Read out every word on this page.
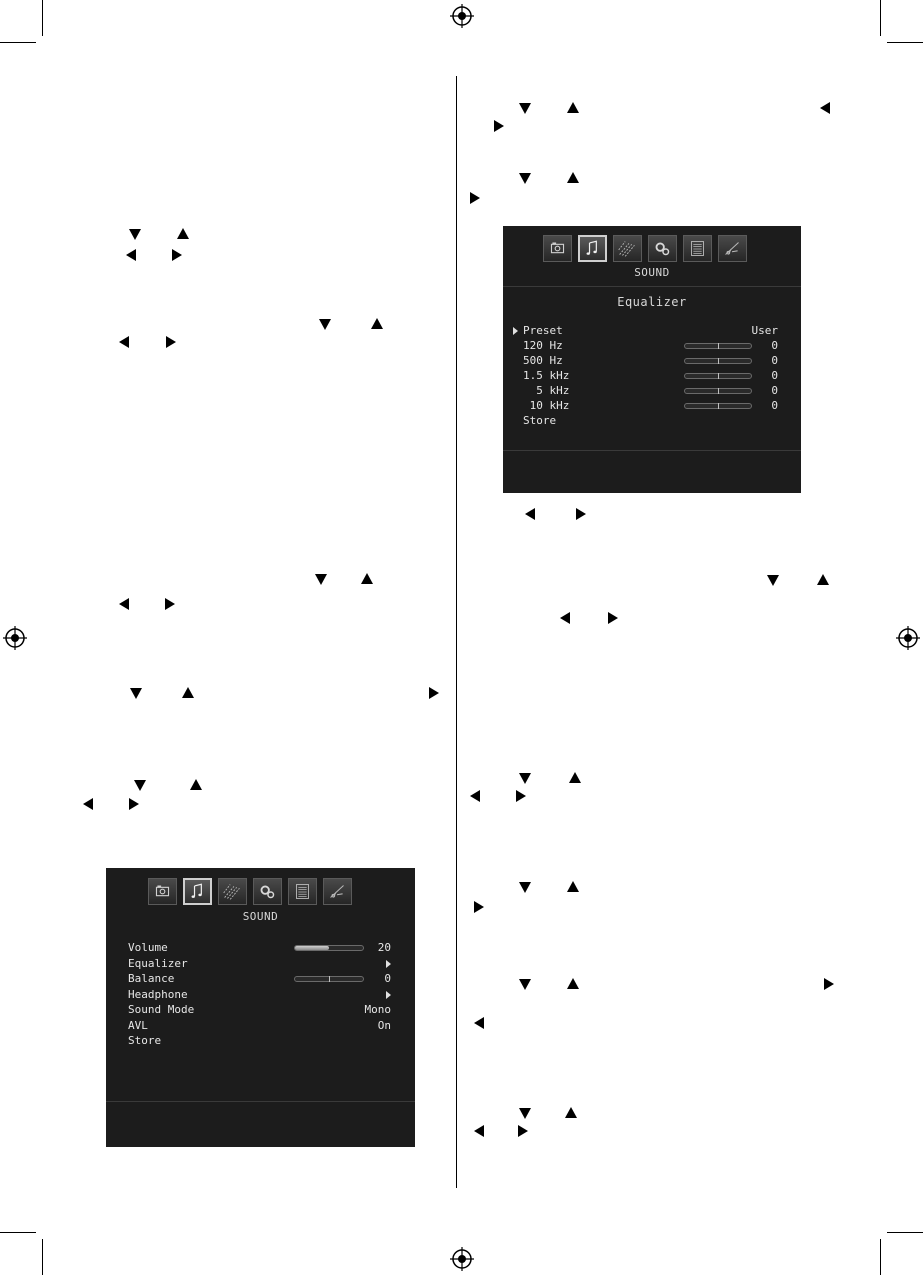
SOUND
Volume	20
Equalizer
Balance	0
Headphone
Sound Mode	Mono
AVL	On
Store
SOUND
Equalizer
Preset	User
120 Hz	0
500 Hz	0
1.5 kHz	0
5 kHz	0
10 kHz	0
Store
